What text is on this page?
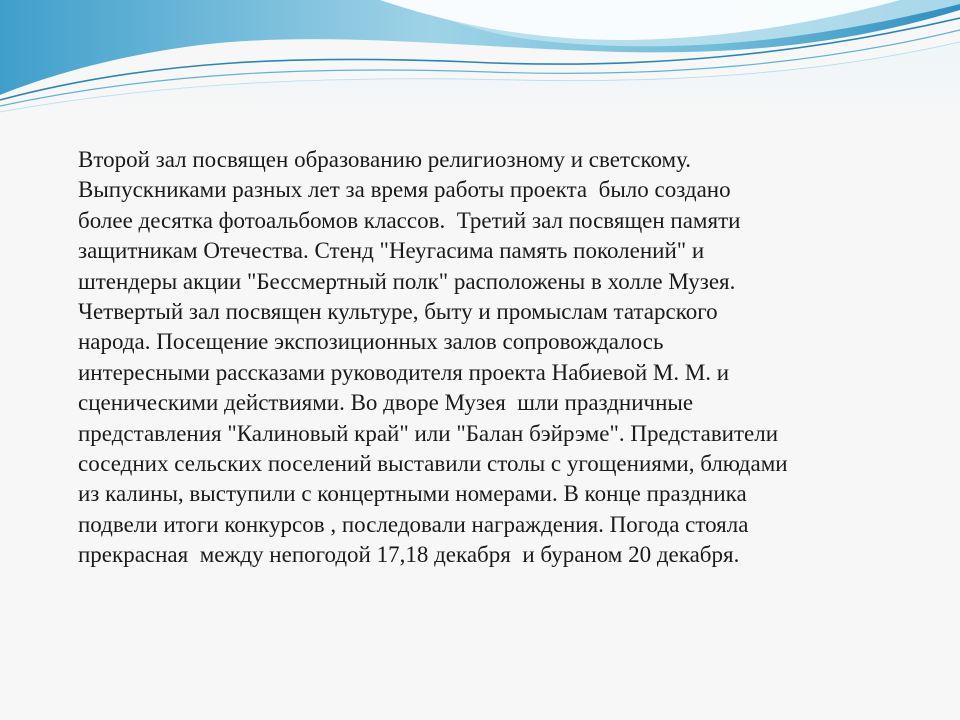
Второй зал посвящен образованию религиозному и светскому.
Выпускниками разных лет за время работы проекта  было создано
более десятка фотоальбомов классов.  Третий зал посвящен памяти
защитникам Отечества. Стенд "Неугасима память поколений" и
штендеры акции "Бессмертный полк" расположены в холле Музея.
Четвертый зал посвящен культуре, быту и промыслам татарского
народа. Посещение экспозиционных залов сопровождалось
интересными рассказами руководителя проекта Набиевой М. М. и
сценическими действиями. Во дворе Музея  шли праздничные
представления "Калиновый край" или "Балан бэйрэме". Представители
соседних сельских поселений выставили столы с угощениями, блюдами
из калины, выступили с концертными номерами. В конце праздника
подвели итоги конкурсов , последовали награждения. Погода стояла
прекрасная  между непогодой 17,18 декабря  и бураном 20 декабря.
